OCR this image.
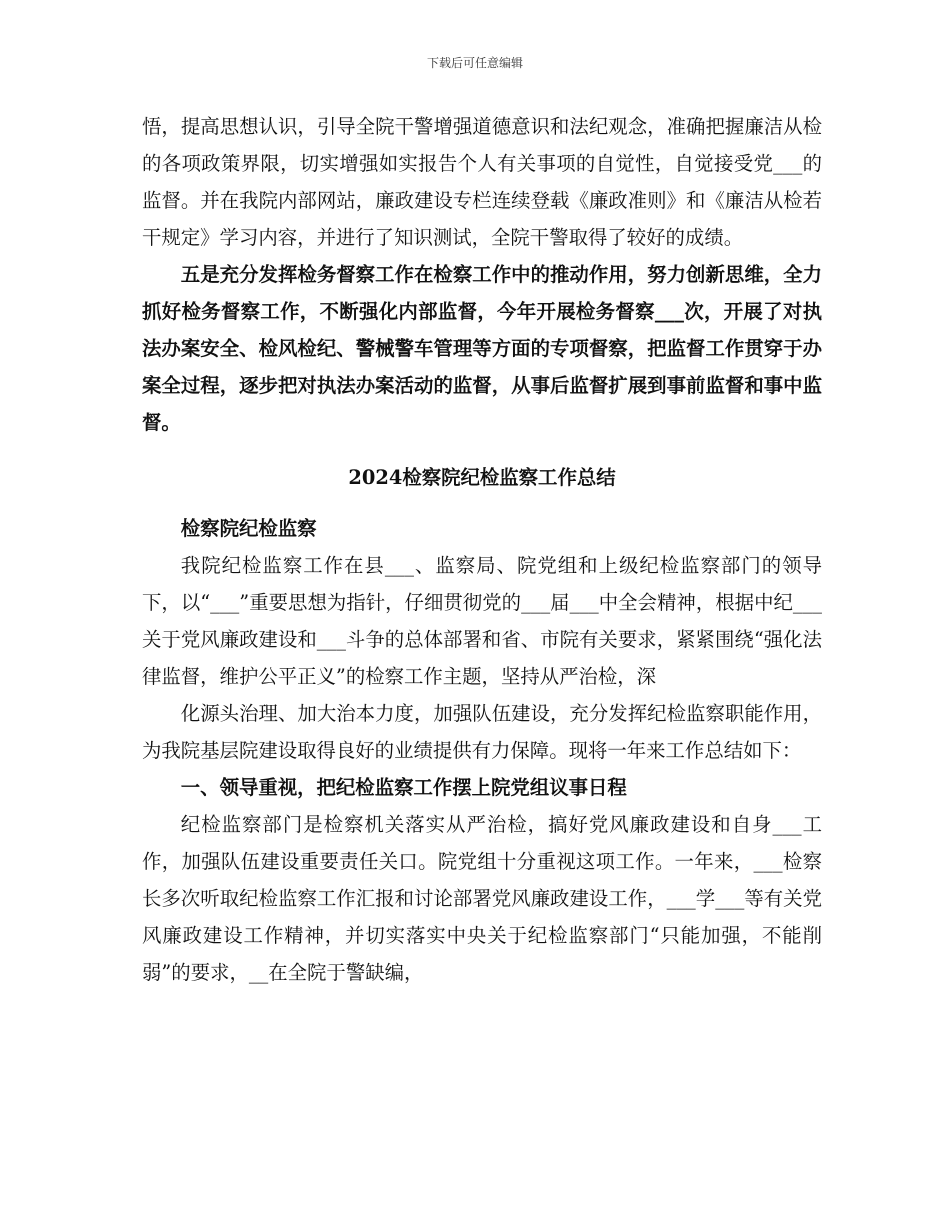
下载后可任意编辑

悟，提高思想认识，引导全院干警增强道德意识和法纪观念，准确把握廉洁从检的各项政策界限，切实增强如实报告个人有关事项的自觉性，自觉接受党___的监督。并在我院内部网站，廉政建设专栏连续登载《廉政准则》和《廉洁从检若干规定》学习内容，并进行了知识测试，全院干警取得了较好的成绩。

五是充分发挥检务督察工作在检察工作中的推动作用，努力创新思维，全力抓好检务督察工作，不断强化内部监督，今年开展检务督察___次，开展了对执法办案安全、检风检纪、警械警车管理等方面的专项督察，把监督工作贯穿于办案全过程，逐步把对执法办案活动的监督，从事后监督扩展到事前监督和事中监督。

2024检察院纪检监察工作总结

检察院纪检监察

我院纪检监察工作在县___、监察局、院党组和上级纪检监察部门的领导下，以“___”重要思想为指针，仔细贯彻党的___届___中全会精神，根据中纪___关于党风廉政建设和___斗争的总体部署和省、市院有关要求，紧紧围绕“强化法律监督，维护公平正义”的检察工作主题，坚持从严治检，深

化源头治理、加大治本力度，加强队伍建设，充分发挥纪检监察职能作用，为我院基层院建设取得良好的业绩提供有力保障。现将一年来工作总结如下：

一、领导重视，把纪检监察工作摆上院党组议事日程

纪检监察部门是检察机关落实从严治检，搞好党风廉政建设和自身___工作，加强队伍建设重要责任关口。院党组十分重视这项工作。一年来，___检察长多次听取纪检监察工作汇报和讨论部署党风廉政建设工作，___学___等有关党风廉政建设工作精神，并切实落实中央关于纪检监察部门“只能加强，不能削弱”的要求，__在全院于警缺编，
